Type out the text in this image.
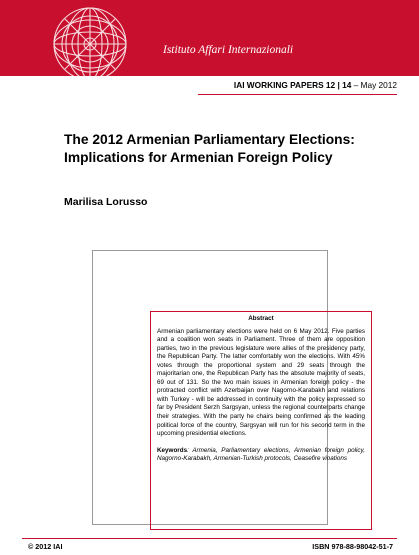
Istituto Affari Internazionali
IAI WORKING PAPERS 12 | 14 – May 2012
The 2012 Armenian Parliamentary Elections: Implications for Armenian Foreign Policy
Marilisa Lorusso
Abstract

Armenian parliamentary elections were held on 6 May 2012. Five parties and a coalition won seats in Parliament. Three of them are opposition parties, two in the previous legislature were allies of the presidency party, the Republican Party. The latter comfortably won the elections. With 45% votes through the proportional system and 29 seats through the majoritarian one, the Republican Party has the absolute majority of seats, 69 out of 131. So the two main issues in Armenian foreign policy - the protracted conflict with Azerbaijan over Nagorno-Karabakh and relations with Turkey - will be addressed in continuity with the policy expressed so far by President Serzh Sargsyan, unless the regional counterparts change their strategies. With the party he chairs being confirmed as the leading political force of the country, Sargsyan will run for his second term in the upcoming presidential elections.

Keywords: Armenia, Parliamentary elections, Armenian foreign policy, Nagorno-Karabakh, Armenian-Turkish protocols, Ceasefire vioations
© 2012 IAI	ISBN 978-88-98042-51-7
